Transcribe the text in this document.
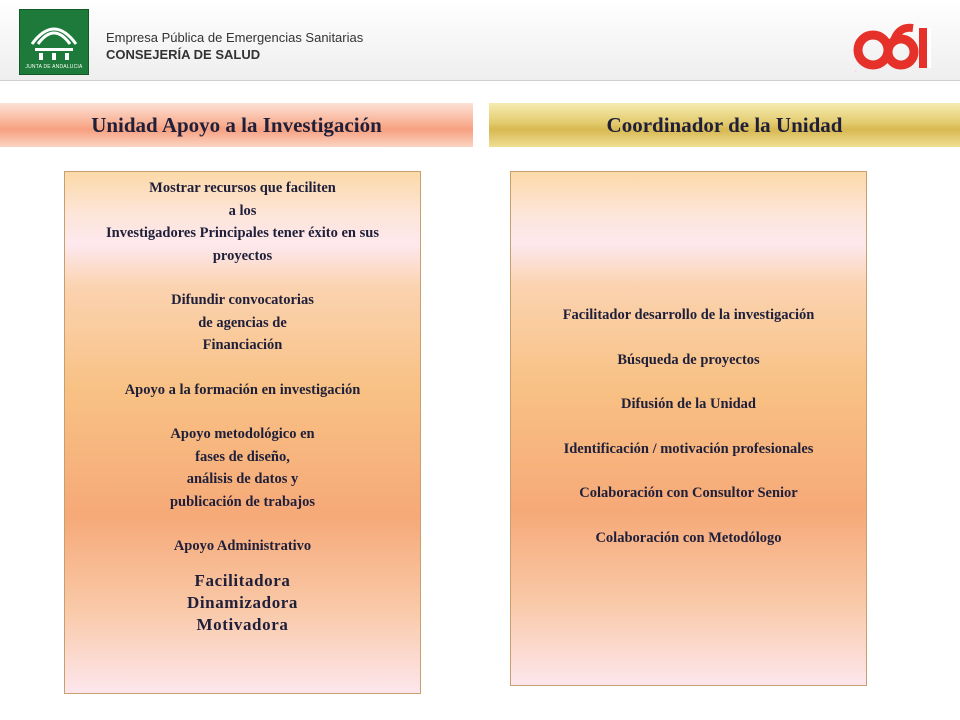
JUNTA DE ANDALUCIA
Empresa Pública de Emergencias Sanitarias
CONSEJERÍA DE SALUD
061
Unidad Apoyo a la Investigación	Coordinador de la Unidad
Mostrar recursos que faciliten
a los
Investigadores Principales tener éxito en sus
proyectos
Difundir convocatorias
de agencias de
Financiación
Apoyo a la formación en investigación
Apoyo metodológico en
fases de diseño,
análisis de datos y
publicación de trabajos
Apoyo Administrativo
Facilitadora
Dinamizadora
Motivadora
Facilitador desarrollo de la investigación
Búsqueda de proyectos
Difusión de la Unidad
Identificación / motivación profesionales
Colaboración con Consultor Senior
Colaboración con Metodólogo
